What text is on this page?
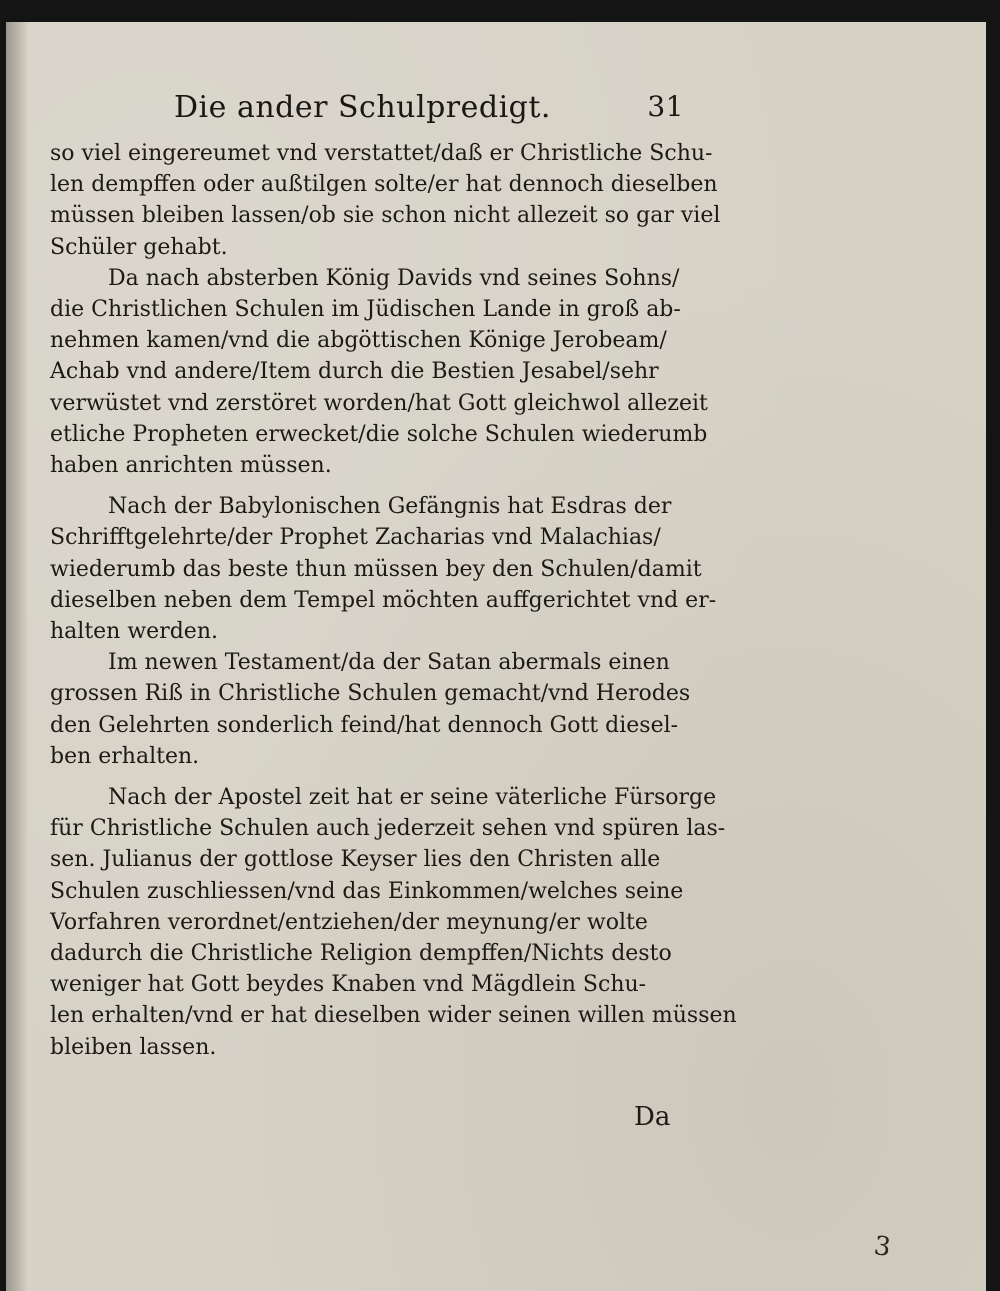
Die ander Schulpredigt.	31

so viel eingereumet vnd verstattet/daß er Christliche Schu-
len dempffen oder außtilgen solte/er hat dennoch dieselben
müssen bleiben lassen/ob sie schon nicht allezeit so gar viel
Schüler gehabt.

Da nach absterben König Davids vnd seines Sohns/
die Christlichen Schulen im Jüdischen Lande in groß ab-
nehmen kamen/vnd die abgöttischen Könige Jerobeam/
Achab vnd andere/Item durch die Bestien Jesabel/sehr
verwüstet vnd zerstöret worden/hat Gott gleichwol allezeit
etliche Propheten erwecket/die solche Schulen wiederumb
haben anrichten müssen.

Nach der Babylonischen Gefängnis hat Esdras der
Schrifftgelehrte/der Prophet Zacharias vnd Malachias/
wiederumb das beste thun müssen bey den Schulen/damit
dieselben neben dem Tempel möchten auffgerichtet vnd er-
halten werden.

Im newen Testament/da der Satan abermals einen
grossen Riß in Christliche Schulen gemacht/vnd Herodes
den Gelehrten sonderlich feind/hat dennoch Gott diesel-
ben erhalten.

Nach der Apostel zeit hat er seine väterliche Fürsorge
für Christliche Schulen auch jederzeit sehen vnd spüren las-
sen. Julianus der gottlose Keyser lies den Christen alle
Schulen zuschliessen/vnd das Einkommen/welches seine
Vorfahren verordnet/entziehen/der meynung/er wolte
dadurch die Christliche Religion dempffen/Nichts desto
weniger hat Gott beydes Knaben vnd Mägdlein Schu-
len erhalten/vnd er hat dieselben wider seinen willen müssen
bleiben lassen.

Da
3
